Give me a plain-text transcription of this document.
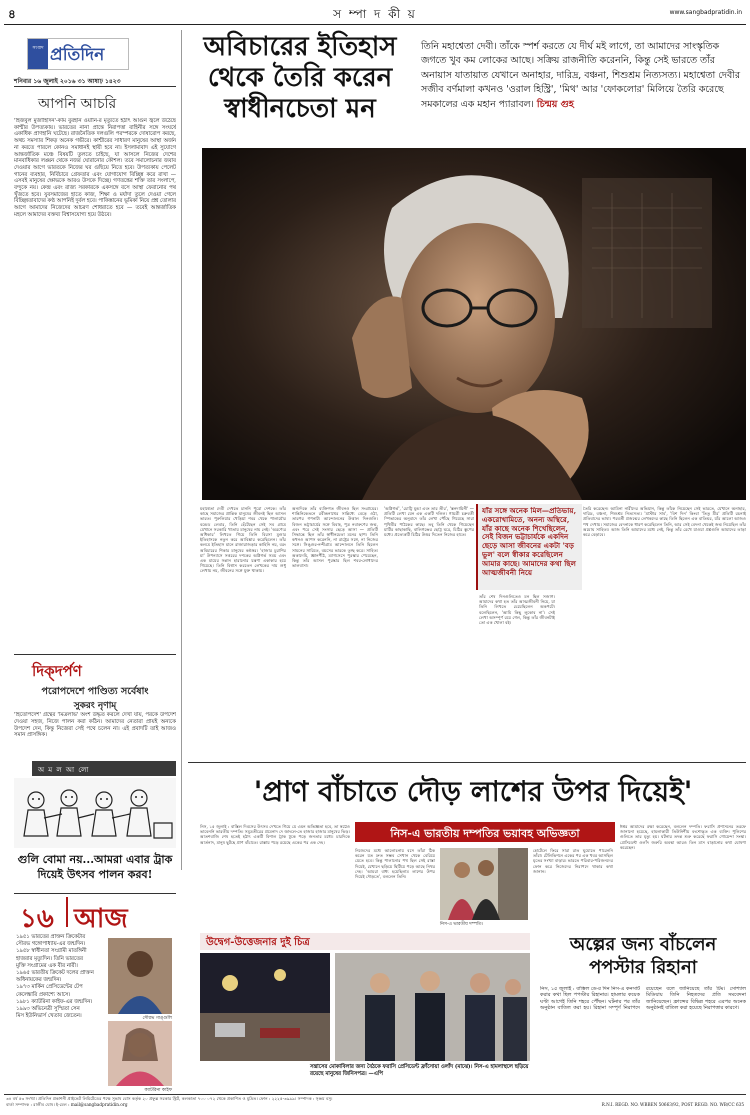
৪	স ম্পা দ কী য়	www.sangbadpratidin.in
সংবাদ প্রতিদিন
শনিবার ১৬ জুলাই ২০১৬ ৩১ আষাঢ় ১৪২৩
আপনি আচরি
'হিজবুল মুজাহিদিন'-কমি বুরহান ওয়ানি-র মৃত্যুতে হঠাৎ আগুন জ্বলে উঠেছে কাশ্মীর উপত্যকায়। ভারতের নানা প্রান্তে নিরাপত্তা বাহিনীর সঙ্গে সংঘর্ষে একাধিক প্রাণহানি ঘটেছে। রাজনৈতিক দলগুলি পরস্পরকে দোষারোপ করছে, অথচ সমস্যার শিকড় অনেক গভীরে। কাশ্মীরের সাধারণ মানুষের আস্থা অর্জন না করতে পারলে কোনও সমাধানই স্থায়ী হবে না। ইসলামাবাদ এই সুযোগে আন্তর্জাতিক মঞ্চে বিষয়টি তুলতে চাইছে, যা আসলে নিজের দেশের মানবাধিকার লঙ্ঘন থেকে নজর ঘোরানোর কৌশল। তবে সমালোচনার জবাব দেওয়ার আগে ভারতকে নিজের ঘর গুছিয়ে নিতে হবে। উপত্যকায় পেলেট গানের ব্যবহার, নির্বিচারে গ্রেফতার এবং যোগাযোগ বিচ্ছিন্ন করে রাখা — এসবই মানুষের ক্ষোভকে আরও উসকে দিচ্ছে। গণতন্ত্রের শক্তি তার সংলাপে, বন্দুকে নয়। কেন্দ্র এবং রাজ্য সরকারকে একসঙ্গে বসে আস্থা ফেরানোর পথ খুঁজতে হবে। যুবসমাজের হাতে কাজ, শিক্ষা ও মর্যাদা তুলে দেওয়া গেলে বিচ্ছিন্নতাবাদের কণ্ঠ আপনিই দুর্বল হবে। পাকিস্তানের ভূমিকা নিয়ে প্রশ্ন তোলার আগে আমাদের নিজেদের আচরণ শোধরাতে হবে — তবেই আন্তর্জাতিক মহলে আমাদের বক্তব্য বিশ্বাসযোগ্য হয়ে উঠবে।
দিক্‌দর্পণ
পরোপদেশে পাণ্ডিত্য সর্বেষাং
সুকরং নৃণাম্‌
'হিতোপদেশ' গ্রন্থের 'মিত্রলাভ' অংশ উদ্ধৃত করলে দেখা যায়, পরকে উপদেশ দেওয়া সহজ, নিজে পালন করা কঠিন। আমাদের নেতারা প্রায়ই অন্যকে উপদেশ দেন, কিন্তু নিজেরা সেই পথে চলেন না। এই প্রবাদটি তাই আজও সমান প্রাসঙ্গিক।
অ ম ল আ লো
গুলি বোমা নয়...আমরা এবার ট্রাক দিয়েই উৎসব পালন করব!
১৬ আজ
১৯৫১ ভারতের প্রাক্তন ক্রিকেটার
সৌরভ গঙ্গোপাধ্যায়-এর জন্মদিন।
১৯৫৮ স্বাধীনতা সংগ্রামী মাতঙ্গিনী
হাজরার মৃত্যুদিন। তিনি ভারতের
মুক্তি সংগ্রামের এক বীর নারী।
১৯৬৫ ভারতীয় ক্রিকেট দলের প্রাক্তন
অধিনায়কের জন্মদিন।
১৯৭৩ মার্কিন প্রেসিডেন্টের টেপ
কেলেঙ্কারি প্রকাশ্যে আসে।
১৯৮১ ক্যাটরিনা কাইফ-এর জন্মদিন।
১৯৯৩ অভিনেত্রী সুস্মিতা সেন
মিস ইউনিভার্স খেতাব জেতেন।	সৌরভ গাঙ্গুলি
ক্যাটরিনা কাইফ
অবিচারের ইতিহাস
থেকে তৈরি করেন
স্বাধীনচেতা মন
তিনি মহাশ্বেতা দেবী। তাঁকে স্পর্শ করতে যে দীর্ঘ মই লাগে, তা আমাদের সাংস্কৃতিক জগতে খুব কম লোকের আছে। সক্রিয় রাজনীতি করেননি, কিন্তু সেই ভারতে তাঁর অনায়াস যাতায়াত যেখানে অনাহার, দারিদ্র, বঞ্চনা, শিশুশ্রম নিত্যসত্য। মহাশ্বেতা দেবীর সজীব বর্ণমালা কখনও 'ওরাল হিস্ট্রি', 'মিথ' আর 'ফোকলোর' মিলিয়ে তৈরি করেছে সমকালের এক মহান প্যারাবল। চিন্ময় গুহ
মহাশ্বেতা দেবী দেখতে চাননি পুরো দেশকে। তাঁর কাছে সমাজের প্রান্তিক মানুষের জীবনই ছিল আসল ভারত। পুরুলিয়ার খেড়িয়া শবর থেকে পালামৌর বন্ডেড লেবার, তিনি হেঁটেছেন সেই সব গ্রামে যেখানে সরকারি খাতায় মানুষের নাম নেই। 'অরণ্যের অধিকার' লিখতে গিয়ে তিনি বিরসা মুণ্ডার ইতিহাসকে নতুন করে আবিষ্কার করেছিলেন। তাঁর কলমে ইতিহাস মানে রাজারাজড়ার কাহিনি নয়, বরং অবিচারের শিকার মানুষের কণ্ঠস্বর। 'হাজার চুরাশির মা' উপন্যাসে সত্তরের দশকের অগ্নিগর্ভ সময় এবং এক মায়ের সন্তান হারানোর যন্ত্রণা একাকার হয়ে গিয়েছে। তিনি বিশ্বাস করতেন লেখকের দায় শুধু লেখায় নয়, জীবনের সঙ্গে যুক্ত থাকায়।
অন্যদিকে তাঁর ব্যক্তিগত জীবনও ছিল সংগ্রামের। শান্তিনিকেতনে রবীন্দ্রনাথের সান্নিধ্যে বেড়ে ওঠা, তারপর গণনাট্য আন্দোলনের উত্তাল দিনগুলি। বিজন ভট্টাচার্যের সঙ্গে বিবাহ, পুত্র নবারুণের জন্ম, এবং পরে সেই সংসার ছেড়ে আসা — প্রতিটি সিদ্ধান্তে ছিল তাঁর স্বাধীনচেতা মনের ছাপ। তিনি কখনও আপস করেননি, না রাষ্ট্রের সঙ্গে, না নিজের সঙ্গে। সিঙ্গুর-নন্দীগ্রাম আন্দোলনে তিনি ছিলেন সামনের সারিতে, বয়সের ভারকে তুচ্ছ করে। সাহিত্য অকাদেমি, জ্ঞানপীঠ, ম্যাগসেসে পুরস্কার পেয়েছেন, কিন্তু তাঁর আসল পুরস্কার ছিল শবর-লোধাদের ভালবাসা।
'অগ্নিগর্ভ', 'চোট্টি মুন্ডা এবং তার তীর', 'স্তনদায়িনী' — প্রতিটি লেখা যেন এক একটি দলিল। গায়ত্রী চক্রবর্তী স্পিভাকের অনুবাদে তাঁর লেখা পৌঁছে গিয়েছে সারা পৃথিবীর পাঠকের কাছে। তবু তিনি থেকে গিয়েছেন মাটির কাছাকাছি, বালিগঞ্জের ছোট্ট ঘরে, চিঠির স্তূপের মধ্যে। প্রত্যেকটি চিঠির উত্তর দিতেন নিজের হাতে।
তাঁর শেষ দিনগুলিতেও মন ছিল সজাগ। আমাদের কথা হত তাঁর আত্মজীবনী নিয়ে, যা তিনি লিখতে চেয়েছিলেন অকপটে। বলেছিলেন, 'আমি কিছু লুকোব না'। সেই লেখা অসম্পূর্ণ রয়ে গেল, কিন্তু তাঁর জীবনটাই তো এক খোলা বই।
তৈরি করেছেন। আমিনা নারীদের অভিযান, কিন্তু তাঁকে নিয়েছেন সেই ভারতে, যেখানে অনাহার, দারিদ্র, বঞ্চনা, শিশুশ্রম নিত্যসত্য। 'মাস্টার সাব', 'বিশ দিন' কিংবা 'তিতু মীর' প্রতিটি রচনাই প্রতিবাদের ভাষা। পরবর্তী প্রজন্মের লেখকদের কাছে তিনি ছিলেন এক বাতিঘর, যাঁর আলো আজও পথ দেখায়। সমাজের বেদনাকে ধারণ করেছিলেন তিনি, আর সেই বেদনা থেকেই জন্ম নিয়েছিল তাঁর অমোঘ সাহিত্য। আজ তিনি আমাদের মধ্যে নেই, কিন্তু তাঁর রেখে যাওয়া প্রশ্নগুলি আমাদের তাড়া করে বেড়াবে।
যাঁর সঙ্গে অনেক মিল—প্রতিভায়, একরোখামিতে, অনন্য অস্থিরে, যাঁর কাছে অনেক শিখেছিলেন, সেই বিজন ভট্টাচার্যকে একদিন ছেড়ে আসা জীবনের একটা 'বড় ভুল' বলে স্বীকার করেছিলেন আমার কাছে। আমাদের কথা ছিল আত্মজীবনী নিয়ে
'প্রাণ বাঁচাতে দৌড় লাশের উপর দিয়েই'
নিস-এ ভারতীয় দম্পতির ভয়াবহ অভিজ্ঞতা
নিস, ১৫ জুলাই : বাস্তিল দিবসের উৎসব দেখতে গিয়ে যে এমন অভিজ্ঞতা হবে, তা স্বপ্নেও ভাবেননি ভারতীয় দম্পতি। সমুদ্রতীরের প্রমেনাদ দে জ়াংলে-তে হাজার হাজার মানুষের ভিড়। আতশবাজি শেষ হতেই হঠাৎ একটি বিশাল ট্রাক ঢুকে পড়ে জনতার মধ্যে। চারদিকে আর্তনাদ, মানুষ ছুটছে প্রাণ বাঁচাতে। রাস্তায় পড়ে রয়েছে একের পর এক দেহ।
নিজেদের মধ্যে আলোচনায় বসে তাঁরা ঠিক করেন যত দ্রুত সম্ভব সেখান থেকে বেরিয়ে যেতে হবে। কিন্তু পালানোর পথ ছিল সেই রাস্তা দিয়েই, যেখানে ছড়িয়ে ছিটিয়ে পড়ে আছে নিথর দেহ। 'আমরা বাধ্য হয়েছিলাম লাশের উপর দিয়েই দৌড়তে', বললেন তিনি।
নিস-এ ভারতীয় দম্পতি।
হোটেলে ফিরে সারা রাত ঘুমোতে পারেননি তাঁরা। টেলিভিশনে একের পর এক খবর আসছিল মৃতের সংখ্যা বাড়ার। ভারতে পরিবার-পরিজনদের ফোন করে নিজেদের নিরাপদে থাকার কথা জানান।
ঈশ্বর আমাদের রক্ষা করেছেন, বললেন দম্পতি। ফরাসি প্রশাসনের তরফে জানানো হয়েছে, হামলাকারী তিউনিশীয় বংশোদ্ভূত এক ব্যক্তি। পুলিশের গুলিতে তার মৃত্যু হয়। ঘটনার তদন্ত শুরু করেছে ফরাসি গোয়েন্দা সংস্থা। প্রেসিডেন্ট ওলাঁদ জরুরি অবস্থা আরও তিন মাস বাড়ানোর কথা ঘোষণা করেছেন।
উদ্বেগ-উত্তেজনার দুই চিত্র
সন্ত্রাসের মোকাবিলার জন্য বৈঠকে ফরাসি প্রেসিডেন্ট ফ্রাঁসোয়া ওলাঁদ (মাঝে)। নিস-এ হামলাস্থলে ছড়িয়ে রয়েছে মানুষের জিনিসপত্র। —এপি
অল্পের জন্য বাঁচলেন
পপস্টার রিহানা
নিস, ১৫ জুলাই : বাস্তিল ডে-র দিন নিস-এ কনসার্ট করার কথা ছিল পপস্টার রিহানার। হামলার কয়েক ঘণ্টা আগেই তিনি শহরে পৌঁছন। ঘটনার পর তাঁর অনুষ্ঠান বাতিল করা হয়। রিহানা সম্পূর্ণ নিরাপদে রয়েছেন বলে জানিয়েছে তাঁর টিম। সোশ্যাল মিডিয়ায় তিনি নিহতদের প্রতি সমবেদনা জানিয়েছেন। ফ্রান্সের বিভিন্ন শহরে এরপর অনেক অনুষ্ঠানই বাতিল করা হয়েছে নিরাপত্তার কারণে।
৩৪ বর্ষ ৫৩ সংখ্যা। প্রতিদিন প্রকাশনী প্রাইভেট লিমিটেডের পক্ষে সুভাষ বোস কর্তৃক ২০ প্রফুল্ল সরকার স্ট্রিট, কলকাতা ৭০০ ০৭২ থেকে প্রকাশিত ও মুদ্রিত। ফোন : ২২২৫-৩৯৯৯। সম্পাদক : সৃঞ্জয় বসু।
বার্তা সম্পাদক : রাজীব ঘোষ। ই-মেল : mail@sangbadpratidin.org	R.N.I. REGD. NO. WBBEN 50663/92, POST REGD. NO. WB/CC 635
